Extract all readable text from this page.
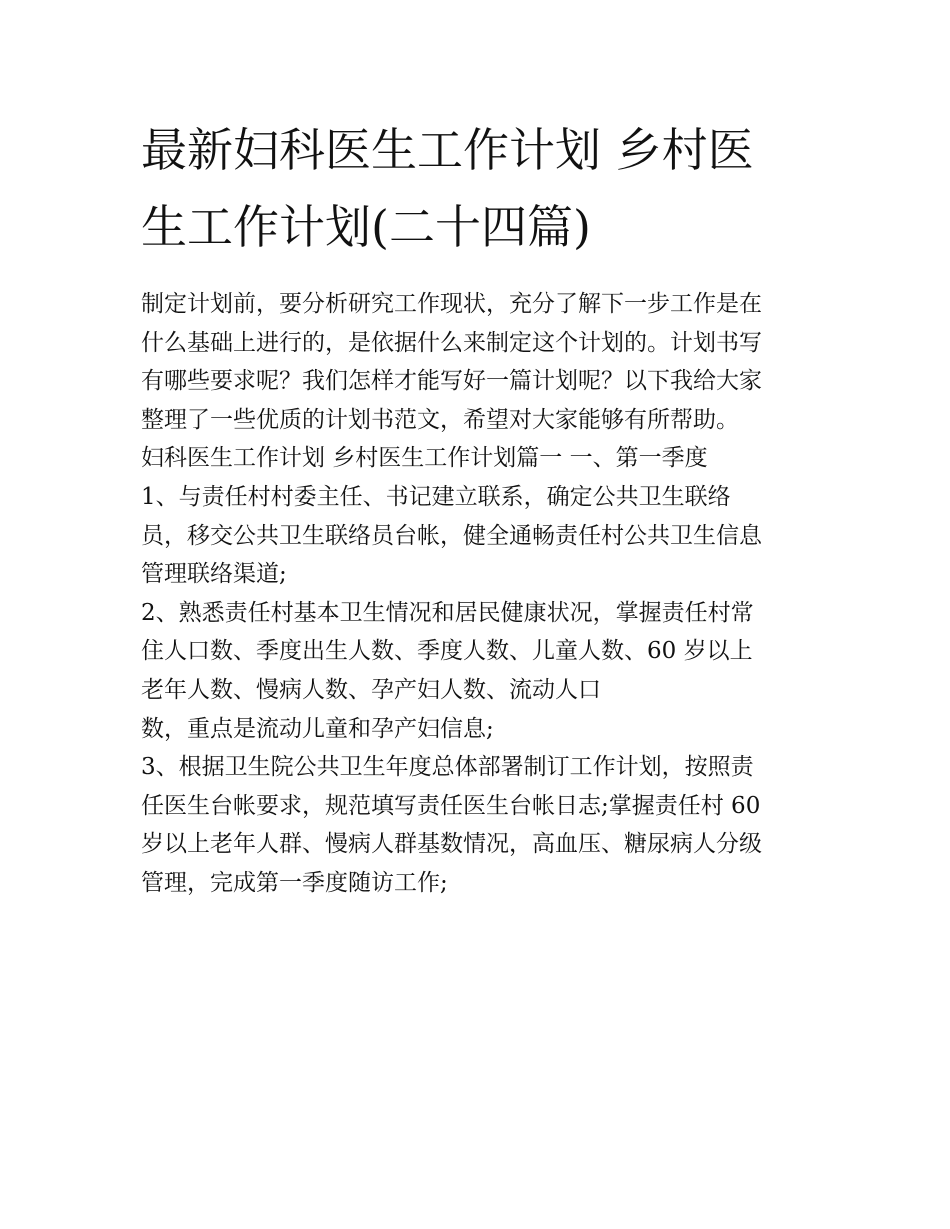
最新妇科医生工作计划 乡村医
生工作计划(二十四篇)
制定计划前，要分析研究工作现状，充分了解下一步工作是在
什么基础上进行的，是依据什么来制定这个计划的。计划书写
有哪些要求呢？我们怎样才能写好一篇计划呢？以下我给大家
整理了一些优质的计划书范文，希望对大家能够有所帮助。
妇科医生工作计划 乡村医生工作计划篇一 一、第一季度
1、与责任村村委主任、书记建立联系，确定公共卫生联络
员，移交公共卫生联络员台帐，健全通畅责任村公共卫生信息
管理联络渠道;
2、熟悉责任村基本卫生情况和居民健康状况，掌握责任村常
住人口数、季度出生人数、季度人数、儿童人数、60 岁以上
老年人数、慢病人数、孕产妇人数、流动人口
数，重点是流动儿童和孕产妇信息;
3、根据卫生院公共卫生年度总体部署制订工作计划，按照责
任医生台帐要求，规范填写责任医生台帐日志;掌握责任村 60
岁以上老年人群、慢病人群基数情况，高血压、糖尿病人分级
管理，完成第一季度随访工作;
